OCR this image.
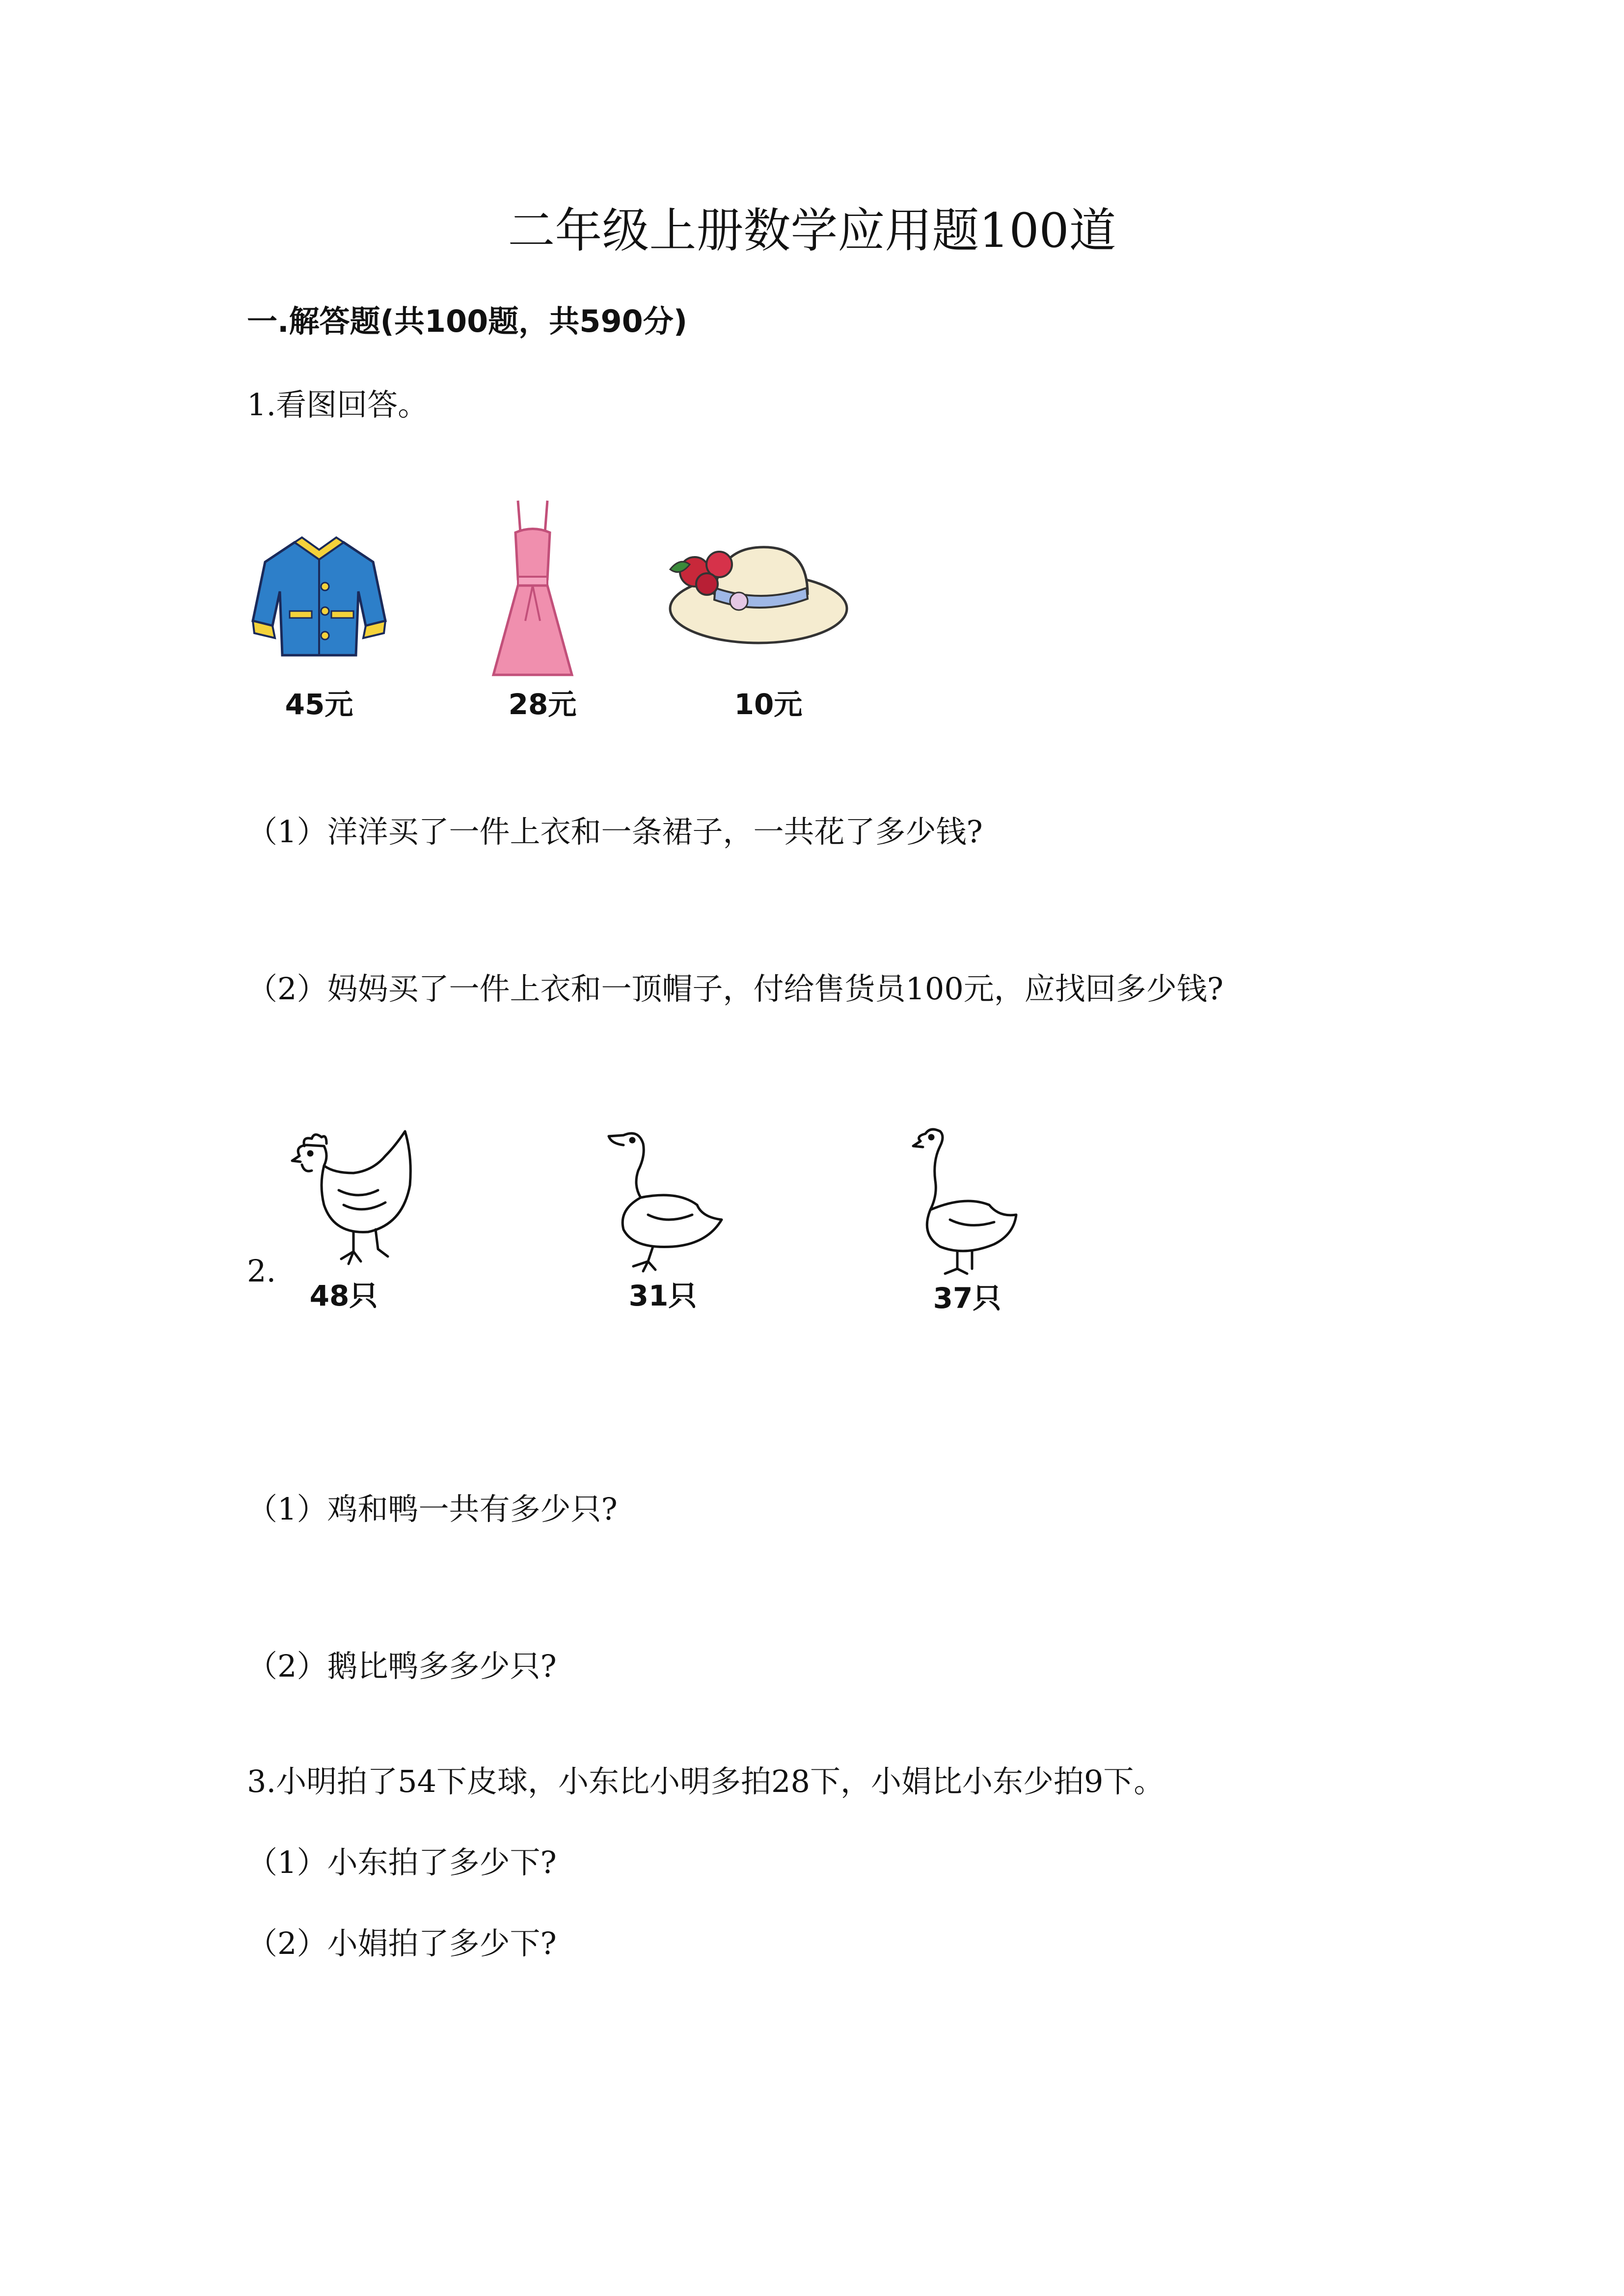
二年级上册数学应用题100道
一.解答题(共100题，共590分)
1.看图回答。
45元	28元	10元
（1）洋洋买了一件上衣和一条裙子，一共花了多少钱?
（2）妈妈买了一件上衣和一顶帽子，付给售货员100元，应找回多少钱?
2.
48只	31只	37只
（1）鸡和鸭一共有多少只?
（2）鹅比鸭多多少只?
3.小明拍了54下皮球，小东比小明多拍28下，小娟比小东少拍9下。
（1）小东拍了多少下?
（2）小娟拍了多少下?
